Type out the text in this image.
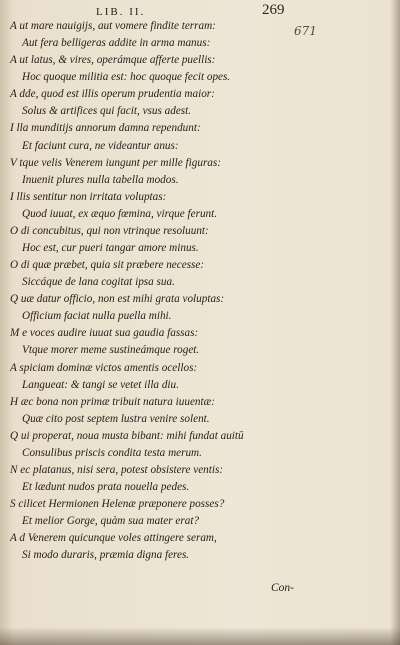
LIB. II.	269
671
A ut mare nauigijs, aut vomere findite terram:
Aut fera belligeras addite in arma manus:
A ut latus, & vires, operámque afferte puellis:
Hoc quoque militia est: hoc quoque fecit opes.
A dde, quod est illis operum prudentia maior:
Solus & artifices qui facit, vsus adest.
I lla munditijs annorum damna rependunt:
Et faciunt cura, ne videantur anus:
V tque velis Venerem iungunt per mille figuras:
Inuenit plures nulla tabella modos.
I llis sentitur non irritata voluptas:
Quod iuuat, ex æquo fœmina, virque ferunt.
O di concubitus, qui non vtrinque resoluunt:
Hoc est, cur pueri tangar amore minus.
O di quæ præbet, quia sit præbere necesse:
Siccáque de lana cogitat ipsa sua.
Q uæ datur officio, non est mihi grata voluptas:
Officium faciat nulla puella mihi.
M e voces audire iuuat sua gaudia fassas:
Vtque morer meme sustineámque roget.
A spiciam dominæ victos amentis ocellos:
Langueat: & tangi se vetet illa diu.
H æc bona non primæ tribuit natura iuuentæ:
Quæ cito post septem lustra venire solent.
Q ui properat, noua musta bibant: mihi fundat auitū
Consulibus priscis condita testa merum.
N ec platanus, nisi sera, potest obsistere ventis:
Et lædunt nudos prata nouella pedes.
S cilicet Hermionen Helenæ præponere posses?
Et melior Gorge, quàm sua mater erat?
A d Venerem quicunque voles attingere seram,
Si modo duraris, præmia digna feres.
Con-
